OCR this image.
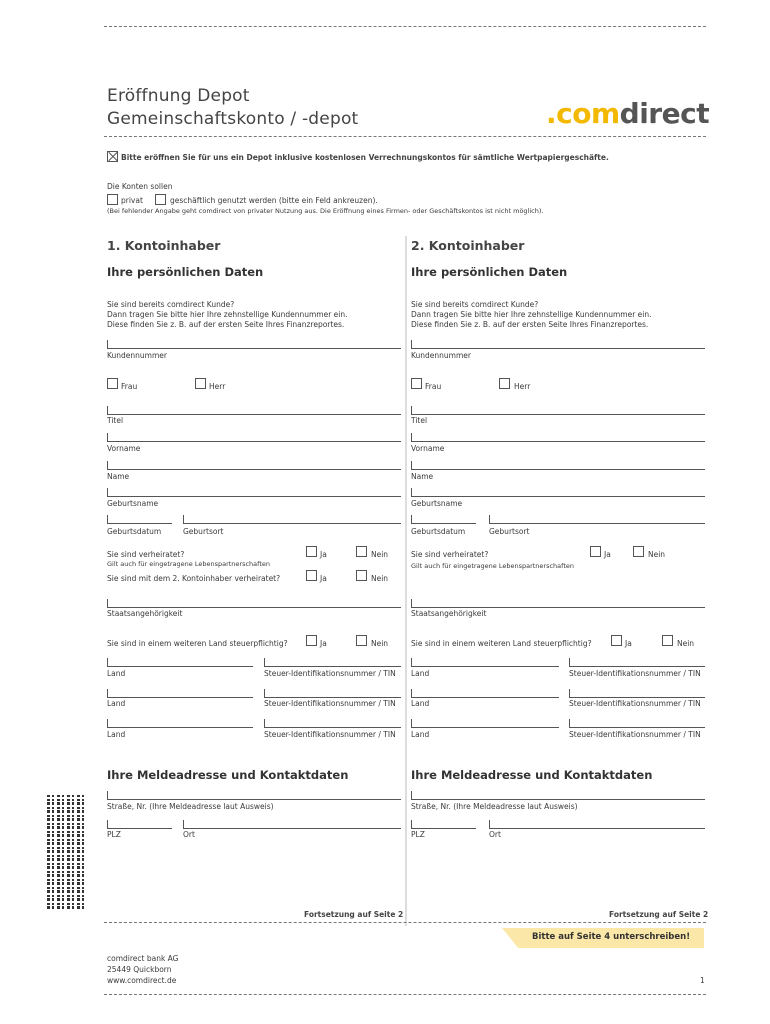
Eröffnung Depot
Gemeinschaftskonto / -depot	.comdirect
Bitte eröffnen Sie für uns ein Depot inklusive kostenlosen Verrechnungskontos für sämtliche Wertpapiergeschäfte.
Die Konten sollen
privat	geschäftlich genutzt werden (bitte ein Feld ankreuzen).
(Bei fehlender Angabe geht comdirect von privater Nutzung aus. Die Eröffnung eines Firmen- oder Geschäftskontos ist nicht möglich).
1. Kontoinhaber
Ihre persönlichen Daten
Sie sind bereits comdirect Kunde?
Dann tragen Sie bitte hier Ihre zehnstellige Kundennummer ein.
Diese finden Sie z. B. auf der ersten Seite Ihres Finanzreportes.
Kundennummer
Frau	Herr
Titel
Vorname
Name
Geburtsname
Geburtsdatum	Geburtsort
Sie sind verheiratet?
Gilt auch für eingetragene Lebenspartnerschaften
Ja	Nein
Sie sind mit dem 2. Kontoinhaber verheiratet?	Ja	Nein
Staatsangehörigkeit
Sie sind in einem weiteren Land steuerpflichtig?	Ja	Nein
Land	Steuer-Identifikationsnummer / TIN
Land	Steuer-Identifikationsnummer / TIN
Land	Steuer-Identifikationsnummer / TIN
Ihre Meldeadresse und Kontaktdaten
Straße, Nr. (Ihre Meldeadresse laut Ausweis)
PLZ	Ort
Fortsetzung auf Seite 2
2. Kontoinhaber
Ihre persönlichen Daten
Sie sind bereits comdirect Kunde?
Dann tragen Sie bitte hier Ihre zehnstellige Kundennummer ein.
Diese finden Sie z. B. auf der ersten Seite Ihres Finanzreportes.
Kundennummer
Frau	Herr
Titel
Vorname
Name
Geburtsname
Geburtsdatum	Geburtsort
Sie sind verheiratet?
Gilt auch für eingetragene Lebenspartnerschaften
Ja	Nein
Staatsangehörigkeit
Sie sind in einem weiteren Land steuerpflichtig?	Ja	Nein
Land	Steuer-Identifikationsnummer / TIN
Land	Steuer-Identifikationsnummer / TIN
Land	Steuer-Identifikationsnummer / TIN
Ihre Meldeadresse und Kontaktdaten
Straße, Nr. (Ihre Meldeadresse laut Ausweis)
PLZ	Ort
Fortsetzung auf Seite 2
Bitte auf Seite 4 unterschreiben!
comdirect bank AG
25449 Quickborn
www.comdirect.de	1
